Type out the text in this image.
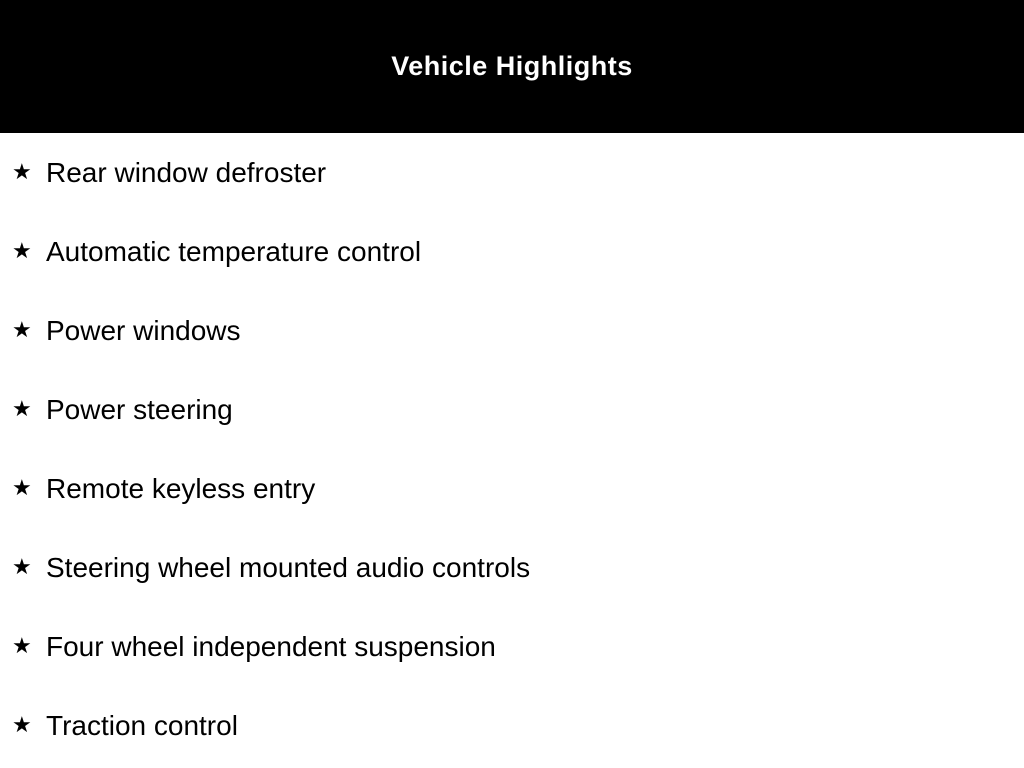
Vehicle Highlights
★ Rear window defroster
★ Automatic temperature control
★ Power windows
★ Power steering
★ Remote keyless entry
★ Steering wheel mounted audio controls
★ Four wheel independent suspension
★ Traction control
